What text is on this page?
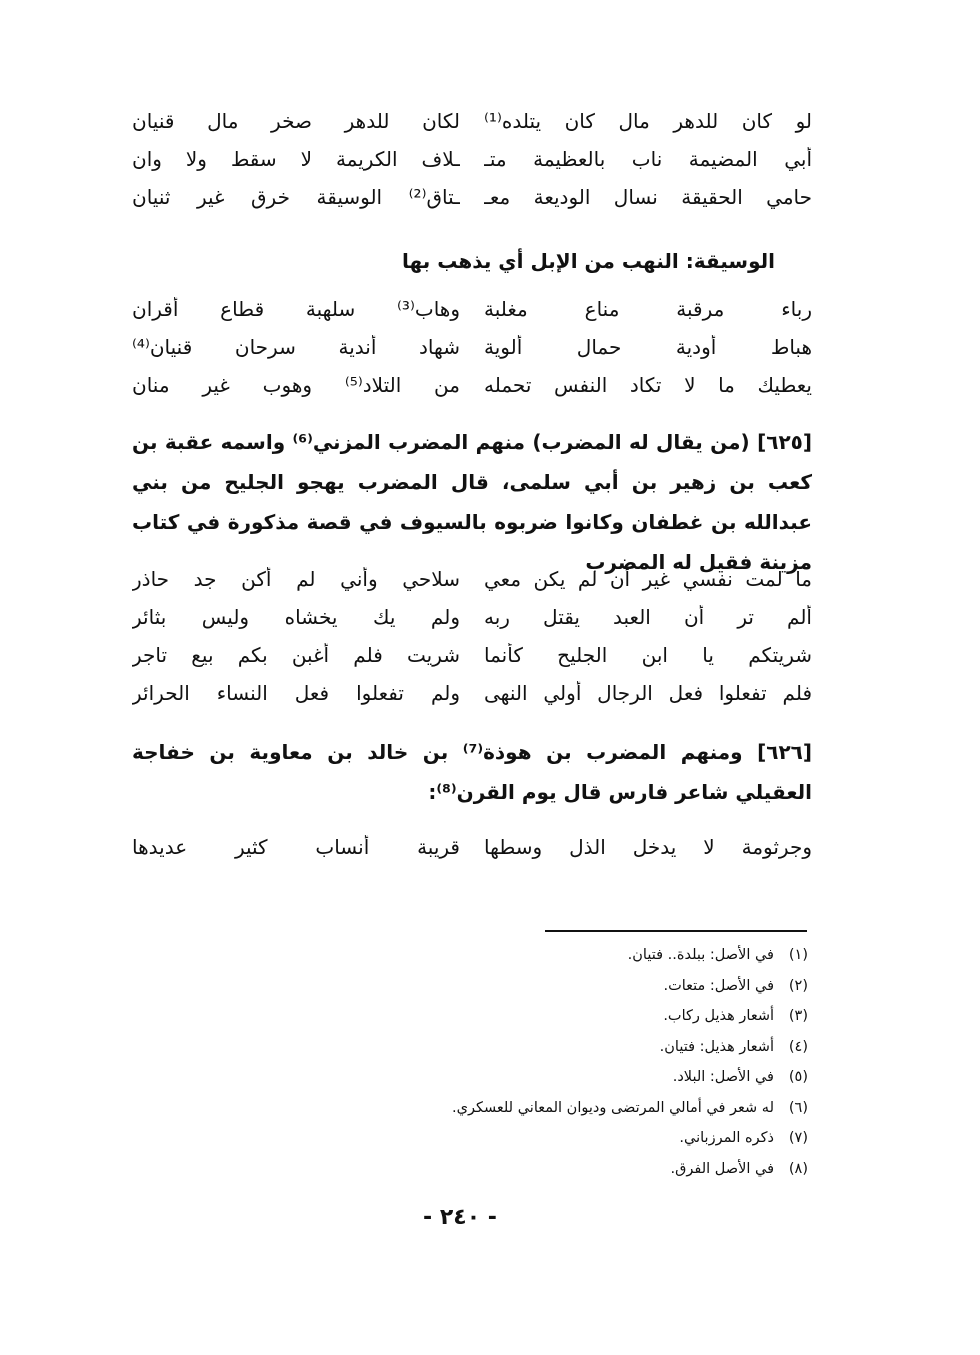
لو كان للدهر مال كان يتلده⁽¹⁾
لكان للدهر صخر مال قنيان
أبي المضيمة ناب بالعظيمة متـ
ـلاف الكريمة لا سقط ولا وان
حامي الحقيقة نسال الوديعة معـ
ـتاق⁽²⁾ الوسيقة خرق غير ثنيان
الوسيقة: النهب من الإبل أي يذهب بها
رباء مرقبة مناع مغلبة
وهاب⁽³⁾ سلهبة قطاع أقران
هباط أودية حمال ألوية
شهاد أندية سرحان قنيان⁽⁴⁾
يعطيك ما لا تكاد النفس تحمله
من التلاد⁽⁵⁾ وهوب غير منان

[٦٢٥] (من يقال له المضرب) منهم المضرب المزني⁽⁶⁾ واسمه عقبة بن كعب بن زهير بن أبي سلمى، قال المضرب يهجو الجليح من بني عبدالله بن غطفان وكانوا ضربوه بالسيوف في قصة مذكورة في كتاب مزينة فقيل له المضرب

ما لمت نفسي غير أن لم يكن معي
سلاحي وأني لم أكن جد حاذر
ألم تر أن العبد يقتل ربه
ولم يك يخشاه وليس بثائر
شريتكم يا ابن الجليح كأنما
شريت فلم أغبن بكم بيع تاجر
فلم تفعلوا فعل الرجال أولي النهى
ولم تفعلوا فعل النساء الحرائر

[٦٢٦] ومنهم المضرب بن هوذة⁽⁷⁾ بن خالد بن معاوية بن خفاجة العقيلي شاعر فارس قال يوم القرن⁽⁸⁾:

وجرثومة لا يدخل الذل وسطها
قريبة أنساب كثير عديدها
(١)في الأصل: ببلدة.. فتيان.
(٢)في الأصل: متعات.
(٣)أشعار هذيل ركاب.
(٤)أشعار هذيل: فتيان.
(٥)في الأصل: البلاد.
(٦)له شعر في أمالي المرتضى وديوان المعاني للعسكري.
(٧)ذكره المرزباني.
(٨)في الأصل الفرق.
- ٢٤٠ -
